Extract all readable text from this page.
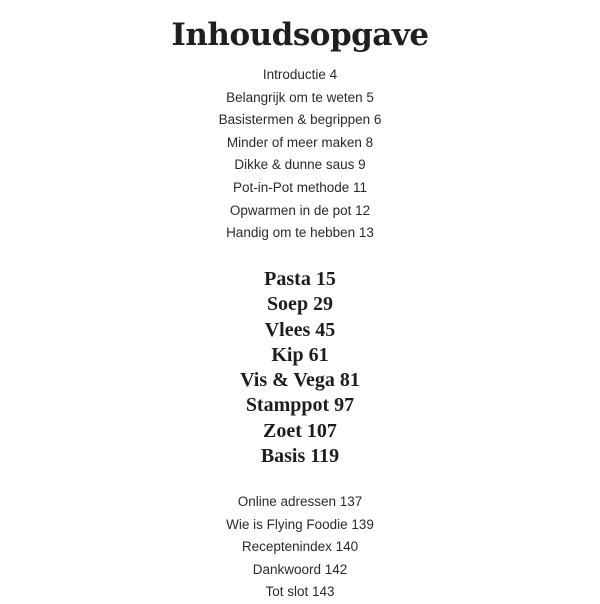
Inhoudsopgave
Introductie 4
Belangrijk om te weten 5
Basistermen & begrippen 6
Minder of meer maken 8
Dikke & dunne saus 9
Pot-in-Pot methode 11
Opwarmen in de pot 12
Handig om te hebben 13
Pasta 15
Soep 29
Vlees 45
Kip 61
Vis & Vega 81
Stamppot 97
Zoet 107
Basis 119
Online adressen 137
Wie is Flying Foodie 139
Receptenindex 140
Dankwoord 142
Tot slot 143
